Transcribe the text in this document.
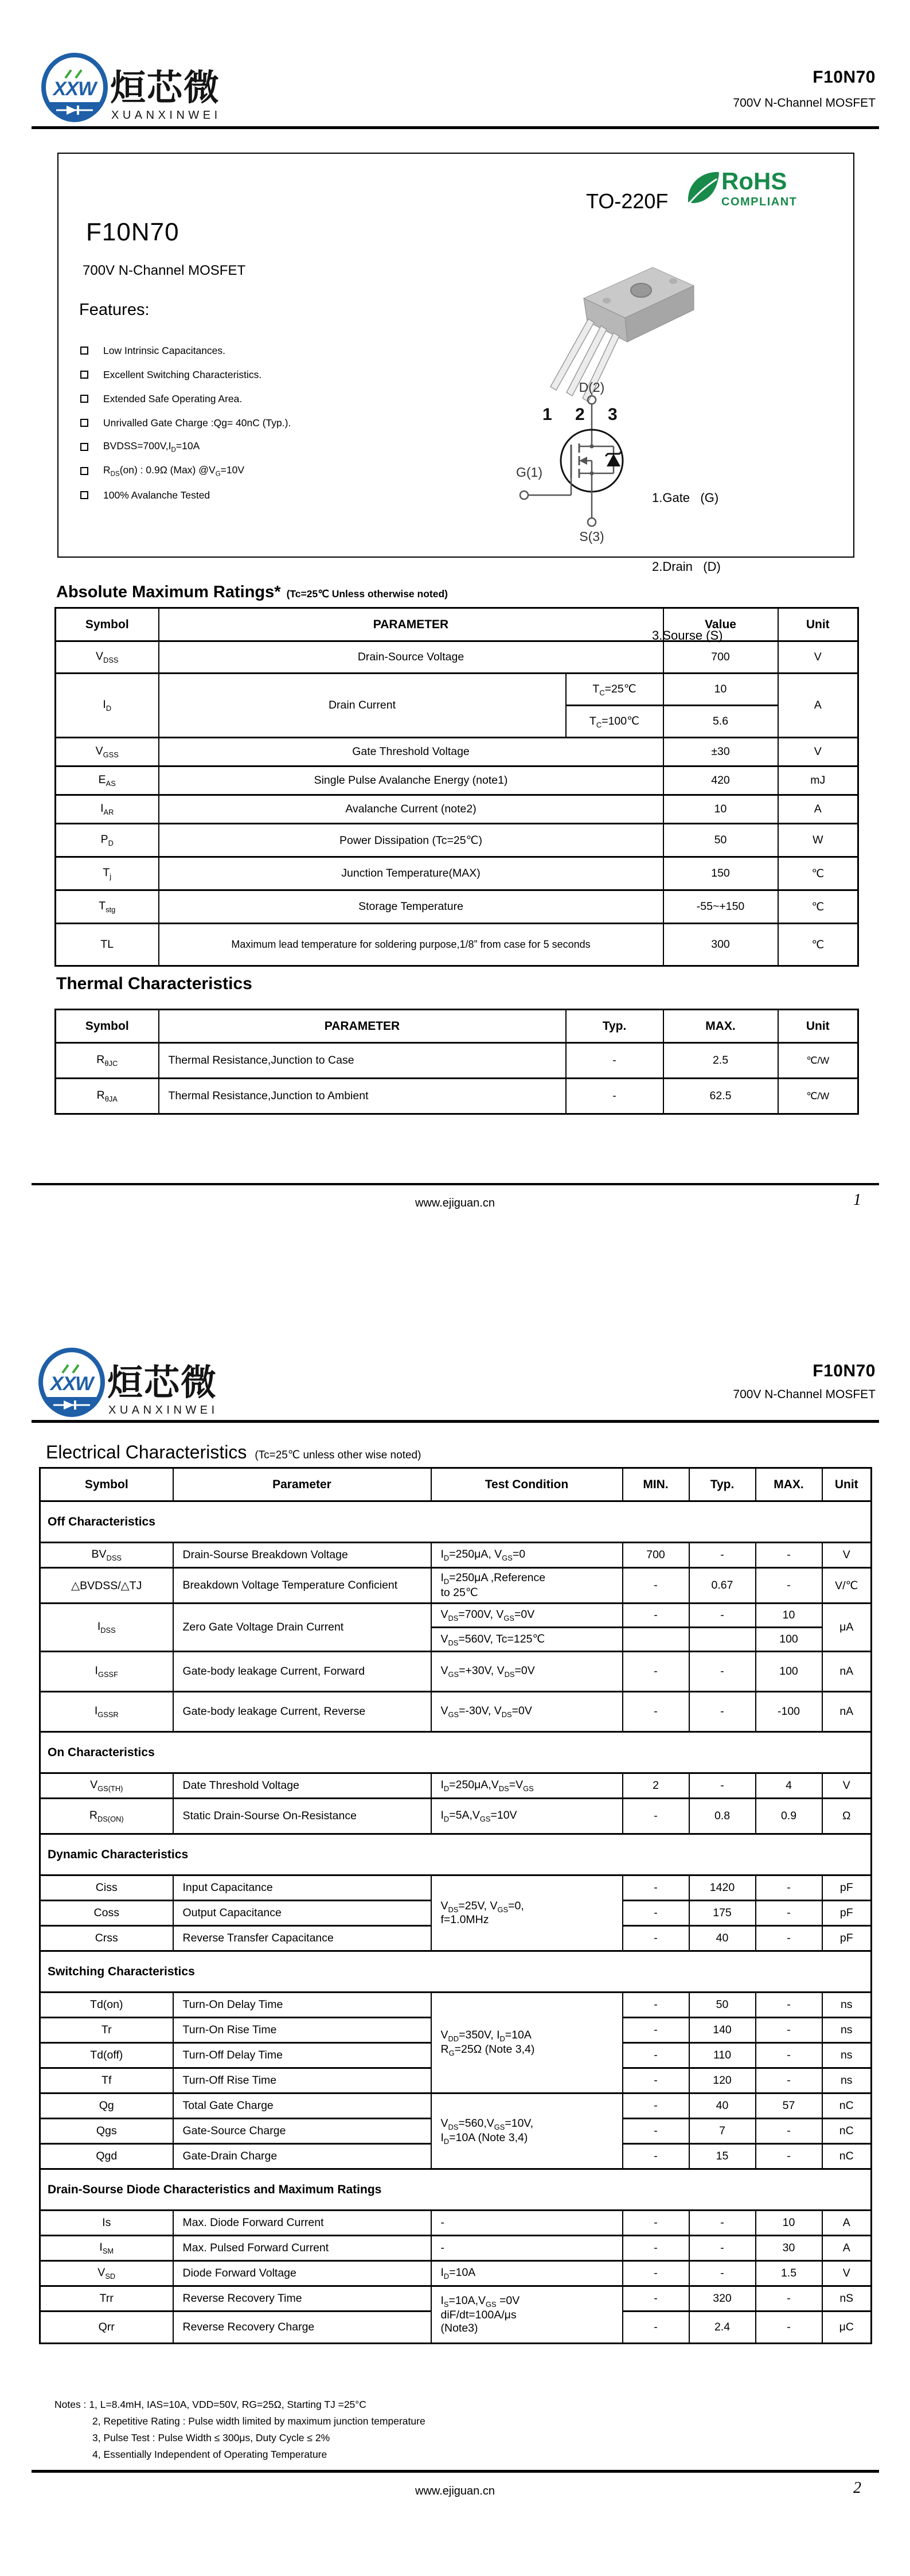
XXW 烜芯微
XUANXINWEI
F10N70
700V N-Channel MOSFET
F10N70
700V N-Channel MOSFET
Features:
Low Intrinsic Capacitances.
Excellent Switching Characteristics.
Extended Safe Operating Area.
Unrivalled Gate Charge :Qg= 40nC (Typ.).
$BVDSS=700V,I_D=10A$
$R_{DS}(on)$ : 0.9Ω (Max) $@V_G=10V$
100% Avalanche Tested
TO-220F
RoHS
COMPLIANT
1 2 3
D(2)
S(3)
G(1)

1.Gate   (G)

2.Drain   (D)

3.Sourse (S)

Absolute Maximum Ratings* (Tc=25℃ Unless otherwise noted)
Symbol	PARAMETER		Value	Unit
$V_{DSS}$	Drain-Source Voltage		700	V
$I_D$	Drain Current	$T_C=25℃$	10	A
		$T_C=100℃$	5.6	
$V_{GSS}$	Gate Threshold Voltage		±30	V
$E_{AS}$	Single Pulse Avalanche Energy (note1)		420	mJ
$I_{AR}$	Avalanche Current (note2)		10	A
$P_D$	Power Dissipation (Tc=25℃)		50	W
$T_j$	Junction Temperature(MAX)		150	℃
$T_{stg}$	Storage Temperature		-55~+150	℃
TL	Maximum lead temperature for soldering purpose,1/8” from case for 5 seconds		300	℃
Thermal Characteristics
Symbol	PARAMETER	Typ.	MAX.	Unit
$R_{\theta JC}$	Thermal Resistance,Junction to Case	-	2.5	℃/W
$R_{\theta JA}$	Thermal Resistance,Junction to Ambient	-	62.5	℃/W
www.ejiguan.cn	1
XXW 烜芯微
XUANXINWEI
F10N70
700V N-Channel MOSFET
Electrical Characteristics (Tc=25℃ unless other wise noted)
Symbol	Parameter	Test Condition	MIN.	Typ.	MAX.	Unit
Off Characteristics						
$BV_{DSS}$	Drain-Sourse Breakdown Voltage	$I_D=250\mu A$, $V_{GS}=0$	700	-	-	V
△BVDSS/△TJ	Breakdown Voltage Temperature Conficient	$I_D=250\mu A$ ,Reference
to 25℃	-	0.67	-	V/℃
$I_{DSS}$	Zero Gate Voltage Drain Current	$V_{DS}=700V$, $V_{GS}=0V$	-	-	10	μA
		$V_{DS}=560V$, Tc=125℃			100	
$I_{GSSF}$	Gate-body leakage Current, Forward	$V_{GS}=+30V$, $V_{DS}=0V$	-	-	100	nA
$I_{GSSR}$	Gate-body leakage Current, Reverse	$V_{GS}=-30V$, $V_{DS}=0V$	-	-	-100	nA
On Characteristics						
$V_{GS(TH)}$	Date Threshold Voltage	$I_D=250\mu A,V_{DS}=V_{GS}$	2	-	4	V
$R_{DS(ON)}$	Static Drain-Sourse On-Resistance	$I_D=5A,V_{GS}=10V$	-	0.8	0.9	Ω
Dynamic Characteristics						
Ciss	Input Capacitance	$V_{DS}=25V$, $V_{GS}=0$,
f=1.0MHz	-	1420	-	pF
Coss	Output Capacitance		-	175	-	pF
Crss	Reverse Transfer Capacitance		-	40	-	pF
Switching Characteristics						
Td(on)	Turn-On Delay Time	$V_{DD}=350V$, $I_D=10A$
$R_G=25\Omega$ (Note 3,4)	-	50	-	ns
Tr	Turn-On Rise Time		-	140	-	ns
Td(off)	Turn-Off Delay Time		-	110	-	ns
Tf	Turn-Off Rise Time		-	120	-	ns
Qg	Total Gate Charge	$V_{DS}=560,V_{GS}=10V$,
$I_D=10A$ (Note 3,4)	-	40	57	nC
Qgs	Gate-Source Charge		-	7	-	nC
Qgd	Gate-Drain Charge		-	15	-	nC
Drain-Sourse Diode Characteristics and Maximum Ratings						
Is	Max. Diode Forward Current	-	-	-	10	A
$I_{SM}$	Max. Pulsed Forward Current	-	-	-	30	A
$V_{SD}$	Diode Forward Voltage	$I_D=10A$	-	-	1.5	V
Trr	Reverse Recovery Time	$I_S=10A,V_{GS} =0V$
diF/dt=100A/μs
(Note3)	-	320	-	nS
Qrr	Reverse Recovery Charge		-	2.4	-	μC
Notes : 1, L=8.4mH, IAS=10A, VDD=50V, RG=25Ω, Starting TJ =25°C
2, Repetitive Rating : Pulse width limited by maximum junction temperature
3, Pulse Test : Pulse Width ≤ 300μs, Duty Cycle ≤ 2%
4, Essentially Independent of Operating Temperature
www.ejiguan.cn	2
